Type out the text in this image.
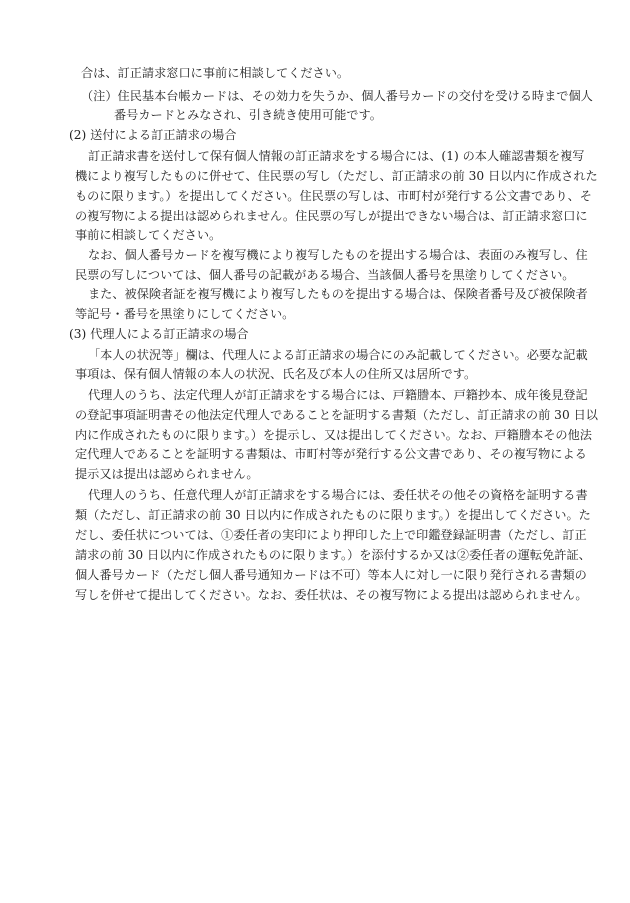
合は、訂正請求窓口に事前に相談してください。

（注）住民基本台帳カードは、その効力を失うか、個人番号カードの交付を受ける時まで個人

番号カードとみなされ、引き続き使用可能です。

(2) 送付による訂正請求の場合

訂正請求書を送付して保有個人情報の訂正請求をする場合には、(1) の本人確認書類を複写

機により複写したものに併せて、住民票の写し（ただし、訂正請求の前 30 日以内に作成された

ものに限ります。）を提出してください。住民票の写しは、市町村が発行する公文書であり、そ

の複写物による提出は認められません。住民票の写しが提出できない場合は、訂正請求窓口に

事前に相談してください。

なお、個人番号カードを複写機により複写したものを提出する場合は、表面のみ複写し、住

民票の写しについては、個人番号の記載がある場合、当該個人番号を黒塗りしてください。

また、被保険者証を複写機により複写したものを提出する場合は、保険者番号及び被保険者

等記号・番号を黒塗りにしてください。

(3) 代理人による訂正請求の場合

「本人の状況等」欄は、代理人による訂正請求の場合にのみ記載してください。必要な記載

事項は、保有個人情報の本人の状況、氏名及び本人の住所又は居所です。

代理人のうち、法定代理人が訂正請求をする場合には、戸籍謄本、戸籍抄本、成年後見登記

の登記事項証明書その他法定代理人であることを証明する書類（ただし、訂正請求の前 30 日以

内に作成されたものに限ります。）を提示し、又は提出してください。なお、戸籍謄本その他法

定代理人であることを証明する書類は、市町村等が発行する公文書であり、その複写物による

提示又は提出は認められません。

代理人のうち、任意代理人が訂正請求をする場合には、委任状その他その資格を証明する書

類（ただし、訂正請求の前 30 日以内に作成されたものに限ります。）を提出してください。た

だし、委任状については、①委任者の実印により押印した上で印鑑登録証明書（ただし、訂正

請求の前 30 日以内に作成されたものに限ります。）を添付するか又は②委任者の運転免許証、

個人番号カード（ただし個人番号通知カードは不可）等本人に対し一に限り発行される書類の

写しを併せて提出してください。なお、委任状は、その複写物による提出は認められません。
